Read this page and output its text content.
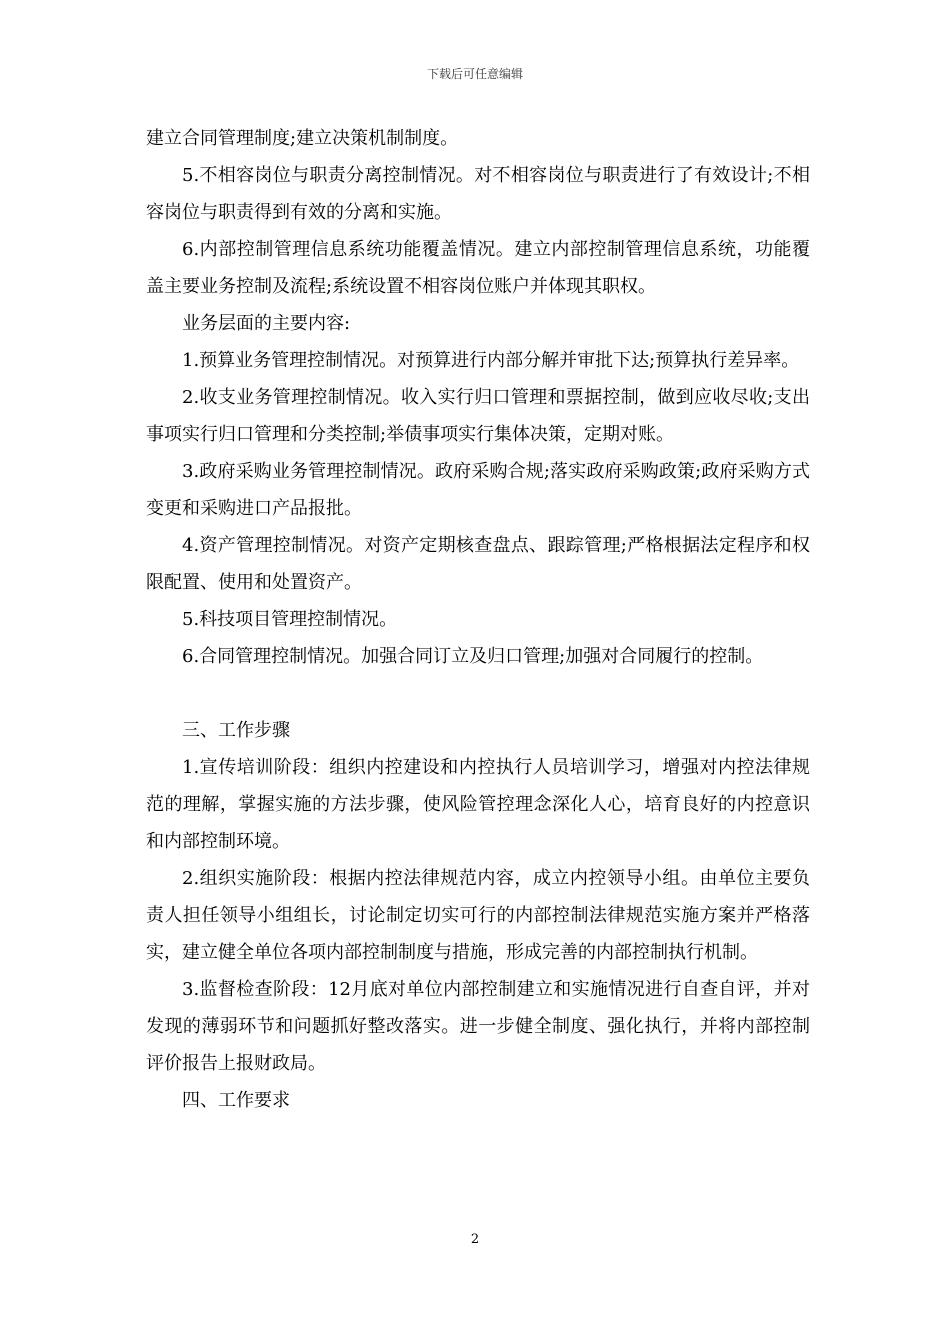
下载后可任意编辑

建立合同管理制度;建立决策机制制度。

5.不相容岗位与职责分离控制情况。对不相容岗位与职责进行了有效设计;不相容岗位与职责得到有效的分离和实施。

6.内部控制管理信息系统功能覆盖情况。建立内部控制管理信息系统，功能覆盖主要业务控制及流程;系统设置不相容岗位账户并体现其职权。

业务层面的主要内容:

1.预算业务管理控制情况。对预算进行内部分解并审批下达;预算执行差异率。

2.收支业务管理控制情况。收入实行归口管理和票据控制，做到应收尽收;支出事项实行归口管理和分类控制;举债事项实行集体决策，定期对账。

3.政府采购业务管理控制情况。政府采购合规;落实政府采购政策;政府采购方式变更和采购进口产品报批。

4.资产管理控制情况。对资产定期核查盘点、跟踪管理;严格根据法定程序和权限配置、使用和处置资产。

5.科技项目管理控制情况。

6.合同管理控制情况。加强合同订立及归口管理;加强对合同履行的控制。

三、工作步骤

1.宣传培训阶段：组织内控建设和内控执行人员培训学习，增强对内控法律规范的理解，掌握实施的方法步骤，使风险管控理念深化人心，培育良好的内控意识和内部控制环境。

2.组织实施阶段：根据内控法律规范内容，成立内控领导小组。由单位主要负责人担任领导小组组长，讨论制定切实可行的内部控制法律规范实施方案并严格落实，建立健全单位各项内部控制制度与措施，形成完善的内部控制执行机制。

3.监督检查阶段：12月底对单位内部控制建立和实施情况进行自查自评，并对发现的薄弱环节和问题抓好整改落实。进一步健全制度、强化执行，并将内部控制评价报告上报财政局。

四、工作要求

2
